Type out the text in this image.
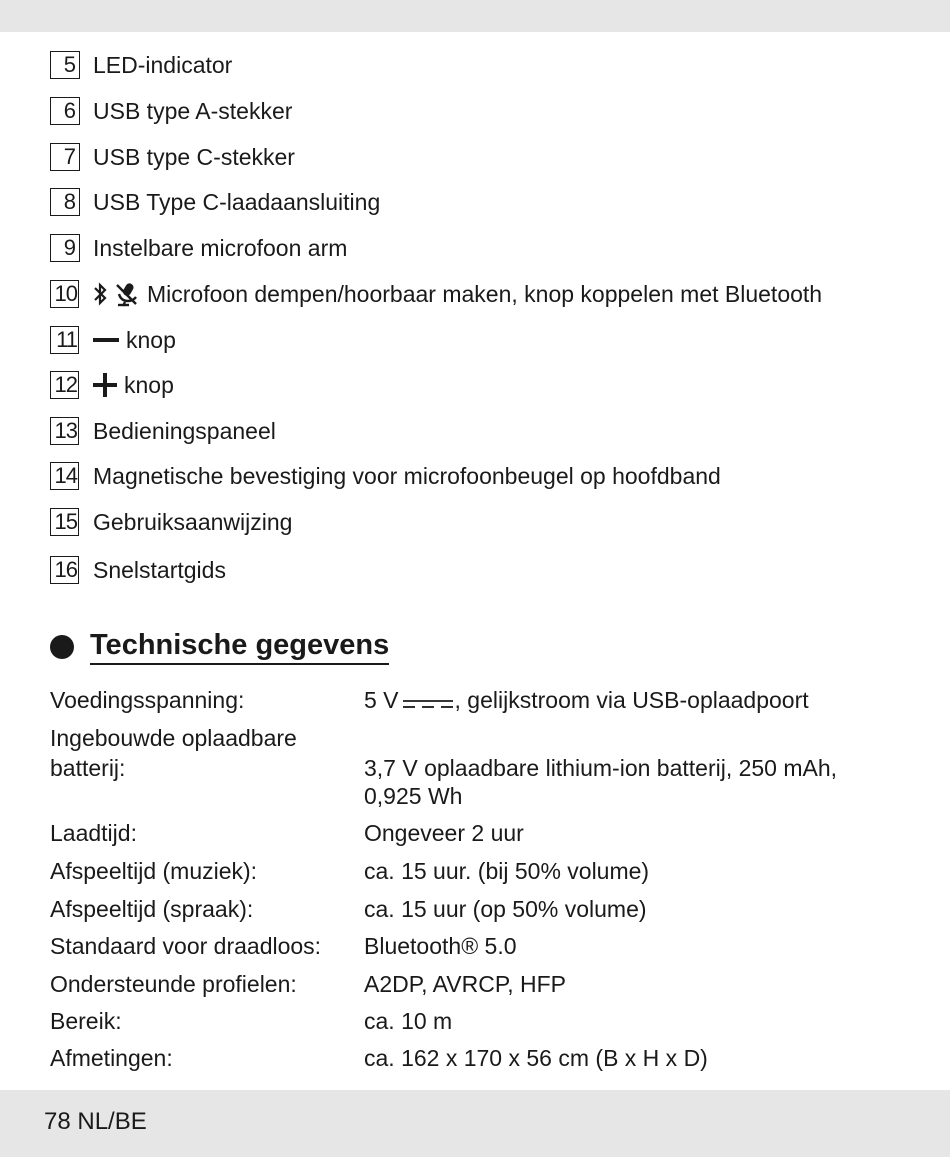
5 LED-indicator
6 USB type A-stekker
7 USB type C-stekker
8 USB Type C-laadaansluiting
9 Instelbare microfoon arm
10	Microfoon dempen/hoorbaar maken, knop koppelen met Bluetooth
11 knop
12 knop
13 Bedieningspaneel
14 Magnetische bevestiging voor microfoonbeugel op hoofdband
15 Gebruiksaanwijzing
16 Snelstartgids
Technische gegevens
Voedingsspanning:	5 V , gelijkstroom via USB-oplaadpoort
Ingebouwde oplaadbare
batterij:	3,7 V oplaadbare lithium-ion batterij, 250 mAh,
0,925 Wh
Laadtijd:	Ongeveer 2 uur
Afspeeltijd (muziek):	ca. 15 uur. (bij 50% volume)
Afspeeltijd (spraak):	ca. 15 uur (op 50% volume)
Standaard voor draadloos: Bluetooth® 5.0
Ondersteunde profielen:	A2DP, AVRCP, HFP
Bereik:	ca. 10 m
Afmetingen:	ca. 162 x 170 x 56 cm (B x H x D)
78 NL/BE
